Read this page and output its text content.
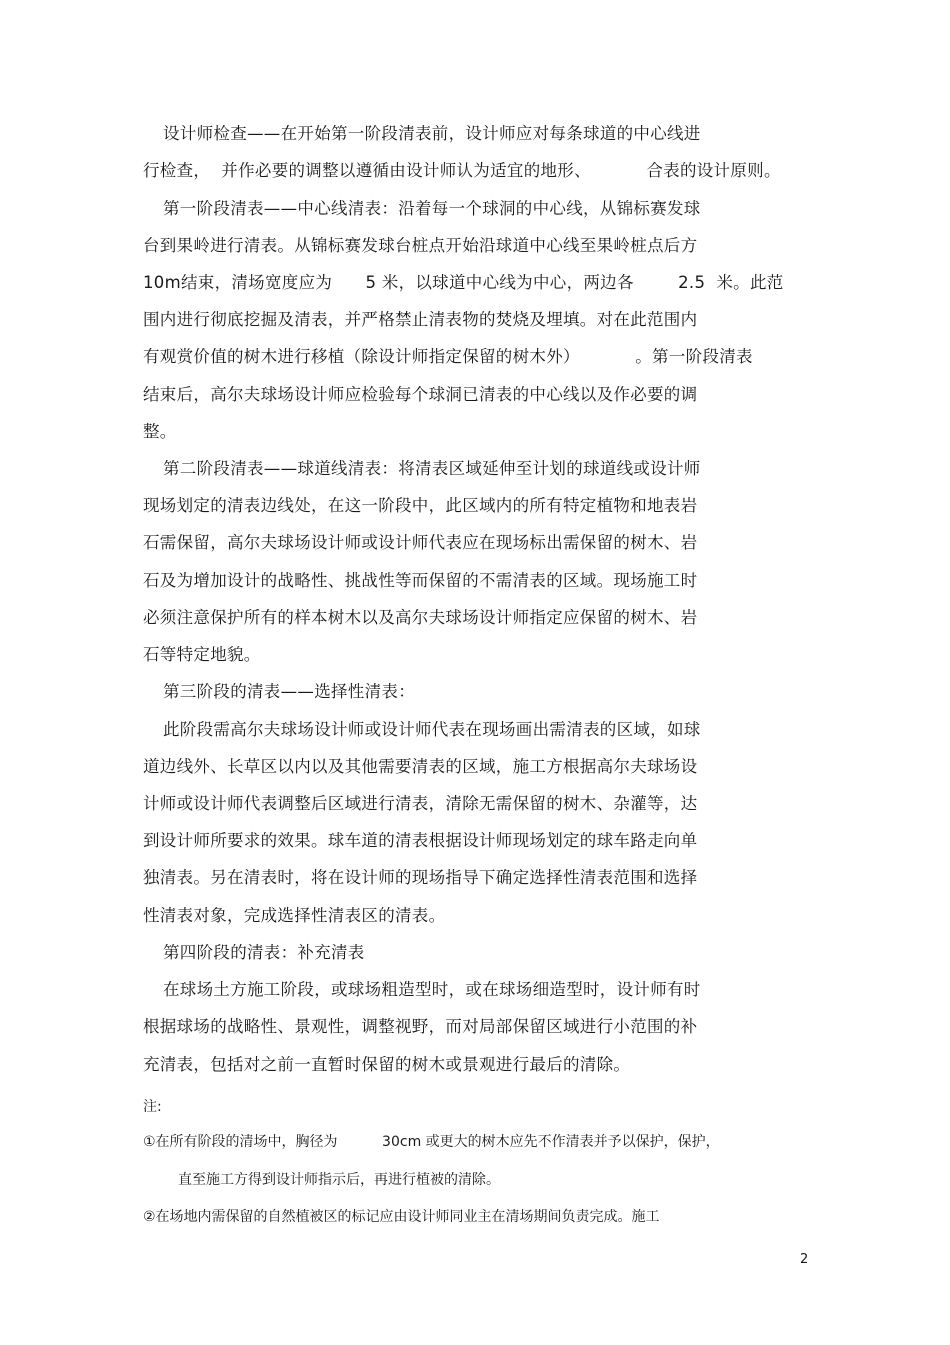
设计师检查——在开始第一阶段清表前，设计师应对每条球道的中心线进
行检查，  并作必要的调整以遵循由设计师认为适宜的地形、          合表的设计原则。
第一阶段清表——中心线清表：沿着每一个球洞的中心线，从锦标赛发球
台到果岭进行清表。从锦标赛发球台桩点开始沿球道中心线至果岭桩点后方
10m结束，清场宽度应为      5 米，以球道中心线为中心，两边各        2.5  米。此范
围内进行彻底挖掘及清表，并严格禁止清表物的焚烧及埋填。对在此范围内
有观赏价值的树木进行移植（除设计师指定保留的树木外）          。第一阶段清表
结束后，高尔夫球场设计师应检验每个球洞已清表的中心线以及作必要的调
整。
第二阶段清表——球道线清表：将清表区域延伸至计划的球道线或设计师
现场划定的清表边线处，在这一阶段中，此区域内的所有特定植物和地表岩
石需保留，高尔夫球场设计师或设计师代表应在现场标出需保留的树木、岩
石及为增加设计的战略性、挑战性等而保留的不需清表的区域。现场施工时
必须注意保护所有的样本树木以及高尔夫球场设计师指定应保留的树木、岩
石等特定地貌。
第三阶段的清表——选择性清表：
此阶段需高尔夫球场设计师或设计师代表在现场画出需清表的区域，如球
道边线外、长草区以内以及其他需要清表的区域，施工方根据高尔夫球场设
计师或设计师代表调整后区域进行清表，清除无需保留的树木、杂灌等，达
到设计师所要求的效果。球车道的清表根据设计师现场划定的球车路走向单
独清表。另在清表时，将在设计师的现场指导下确定选择性清表范围和选择
性清表对象，完成选择性清表区的清表。
第四阶段的清表：补充清表
在球场土方施工阶段，或球场粗造型时，或在球场细造型时，设计师有时
根据球场的战略性、景观性，调整视野，而对局部保留区域进行小范围的补
充清表，包括对之前一直暂时保留的树木或景观进行最后的清除。
注:
①在所有阶段的清场中，胸径为          30cm 或更大的树木应先不作清表并予以保护，保护，
直至施工方得到设计师指示后，再进行植被的清除。
②在场地内需保留的自然植被区的标记应由设计师同业主在清场期间负责完成。施工
2
